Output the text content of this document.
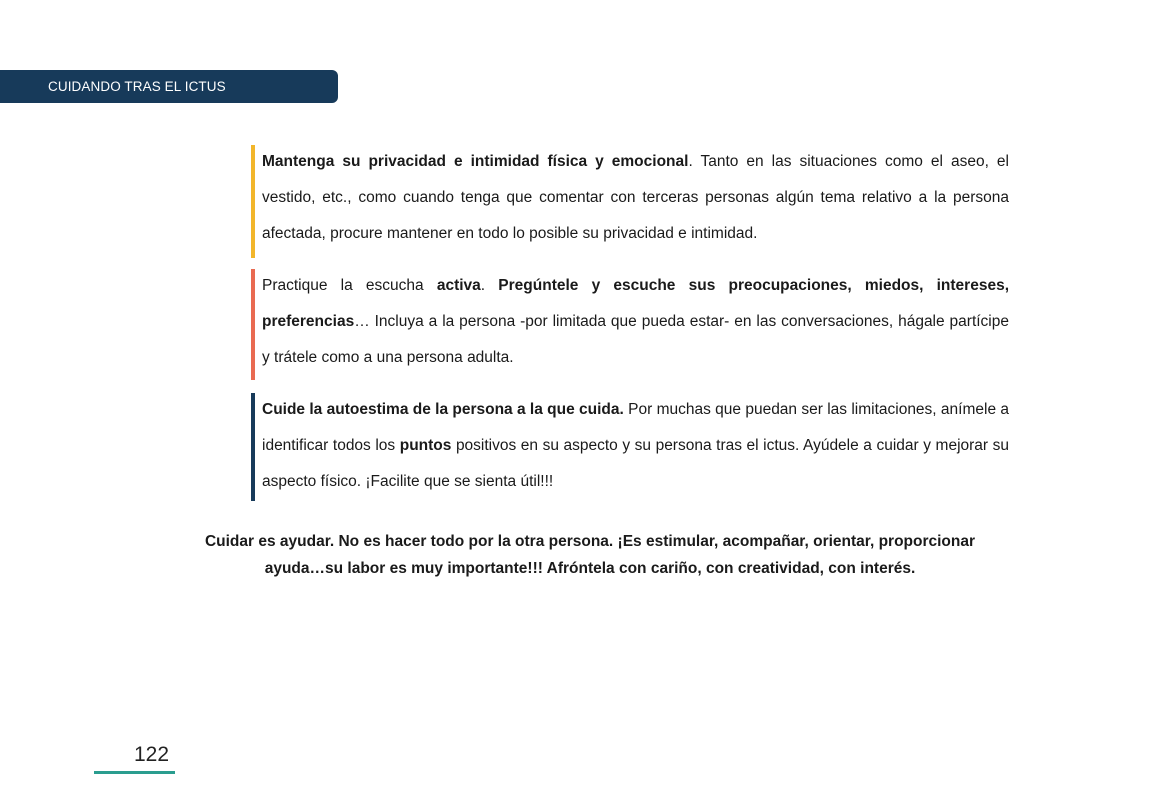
CUIDANDO TRAS EL ICTUS

Mantenga su privacidad e intimidad física y emocional. Tanto en las situaciones como el aseo, el vestido, etc., como cuando tenga que comentar con terceras personas algún tema relativo a la persona afectada, procure mantener en todo lo posible su privacidad e intimidad.

Practique la escucha activa. Pregúntele y escuche sus preocupaciones, miedos, intereses, preferencias… Incluya a la persona -por limitada que pueda estar- en las conversaciones, hágale partícipe y trátele como a una persona adulta.

Cuide la autoestima de la persona a la que cuida. Por muchas que puedan ser las limitaciones, anímele a identificar todos los puntos positivos en su aspecto y su persona tras el ictus. Ayúdele a cuidar y mejorar su aspecto físico. ¡Facilite que se sienta útil!!!

Cuidar es ayudar. No es hacer todo por la otra persona. ¡Es estimular, acompañar, orientar, proporcionar
ayuda…su labor es muy importante!!! Afróntela con cariño, con creatividad, con interés.
122
